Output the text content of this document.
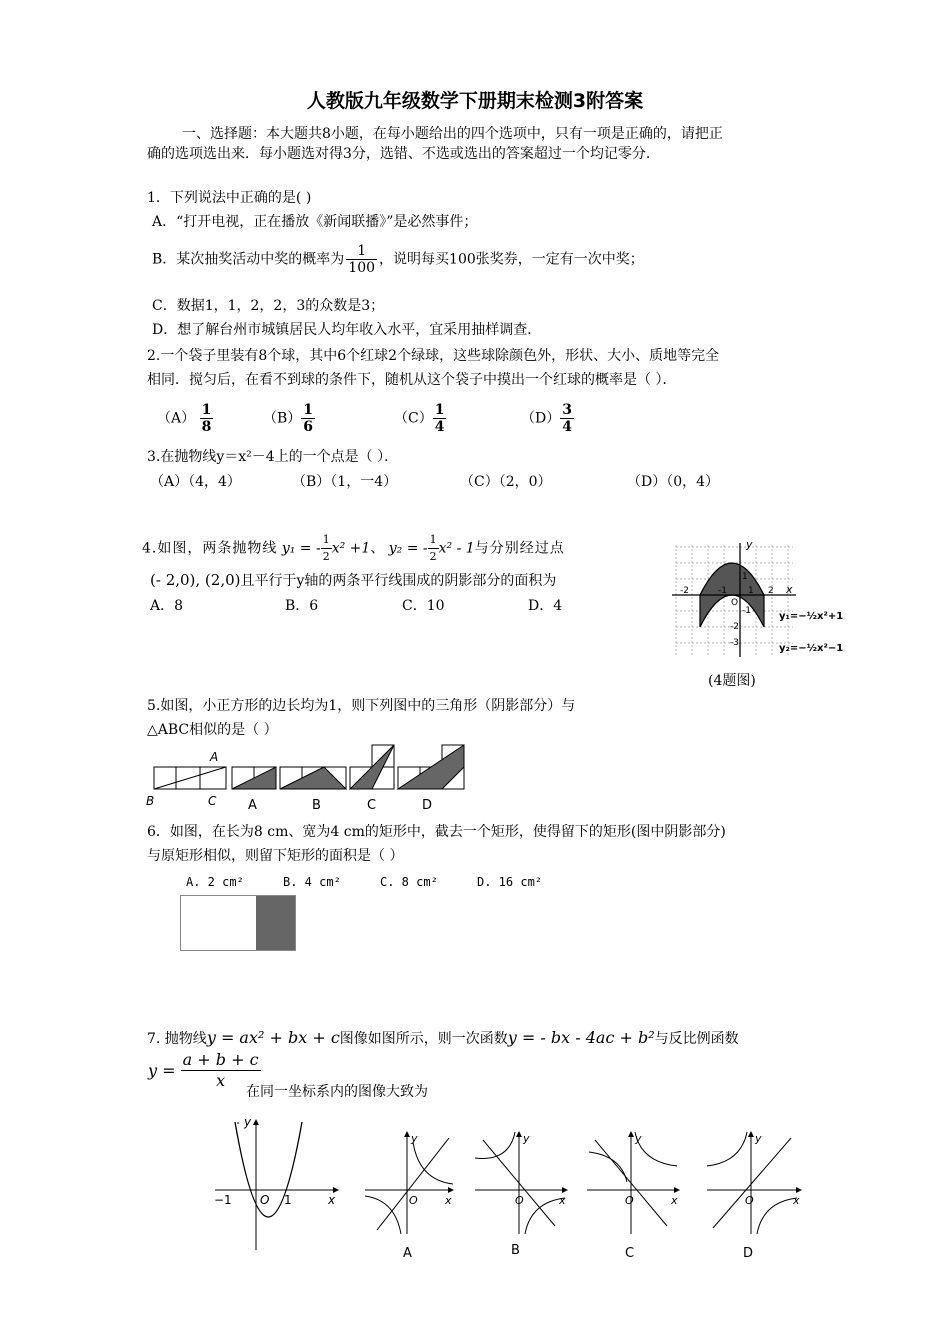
人教版九年级数学下册期末检测3附答案
一、选择题：本大题共8小题，在每小题给出的四个选项中，只有一项是正确的，请把正
确的选项选出来．每小题选对得3分，选错、不选或选出的答案超过一个均记零分．
1．下列说法中正确的是( )
A．“打开电视，正在播放《新闻联播》”是必然事件；
B．某次抽奖活动中奖的概率为 $\frac{1}{100}$ ，说明每买100张奖券，一定有一次中奖；
C．数据1，1，2，2，3的众数是3；
D．想了解台州市城镇居民人均年收入水平，宜采用抽样调查．
2.一个袋子里装有8个球，其中6个红球2个绿球，这些球除颜色外，形状、大小、质地等完全
相同．搅匀后，在看不到球的条件下，随机从这个袋子中摸出一个红球的概率是（ ）．
$(A) \frac{1}{8}$	$(B) \frac{1}{6}$	$(C) \frac{1}{4}$	$(D) \frac{3}{4}$
3.在抛物线y＝x²－4上的一个点是（ ）．
（A）（4，4）	（B）（1，一4）	（C）（2，0）	（D）（0，4）
4.如图，两条抛物线 y₁ = - $\frac{1}{2} x^2 +1$、 y₂ = - $\frac{1}{2} x^2 - 1$与分别经过点
(- 2,0), (2,0)且平行于y轴的两条平行线围成的阴影部分的面积为
A．8	B．6	C．10	D．4
y
x
O
-2	-1 1 2
1
-1
-2
-3
y₁=−½x²+1
y₂=−½x²−1
(4题图)
5.如图，小正方形的边长均为1，则下列图中的三角形（阴影部分）与
△ABC相似的是（ ）
A
B	C A	B	C	D
6．如图，在长为8 cm、宽为4 cm的矩形中，截去一个矩形，使得留下的矩形(图中阴影部分)
与原矩形相似，则留下矩形的面积是（ ）
A. 2 cm²	B. 4 cm²	C. 8 cm²	D. 16 cm²
7. 抛物线y = ax² + bx + c图像如图所示，则一次函数y = - bx - 4ac + b²与反比例函数
$y = \frac{a + b + c}{x}$
在同一坐标系内的图像大致为
y
x
O
−1	1
y
x
O
A
y
x
O
B
y
x
O
C
y
x
O
D
